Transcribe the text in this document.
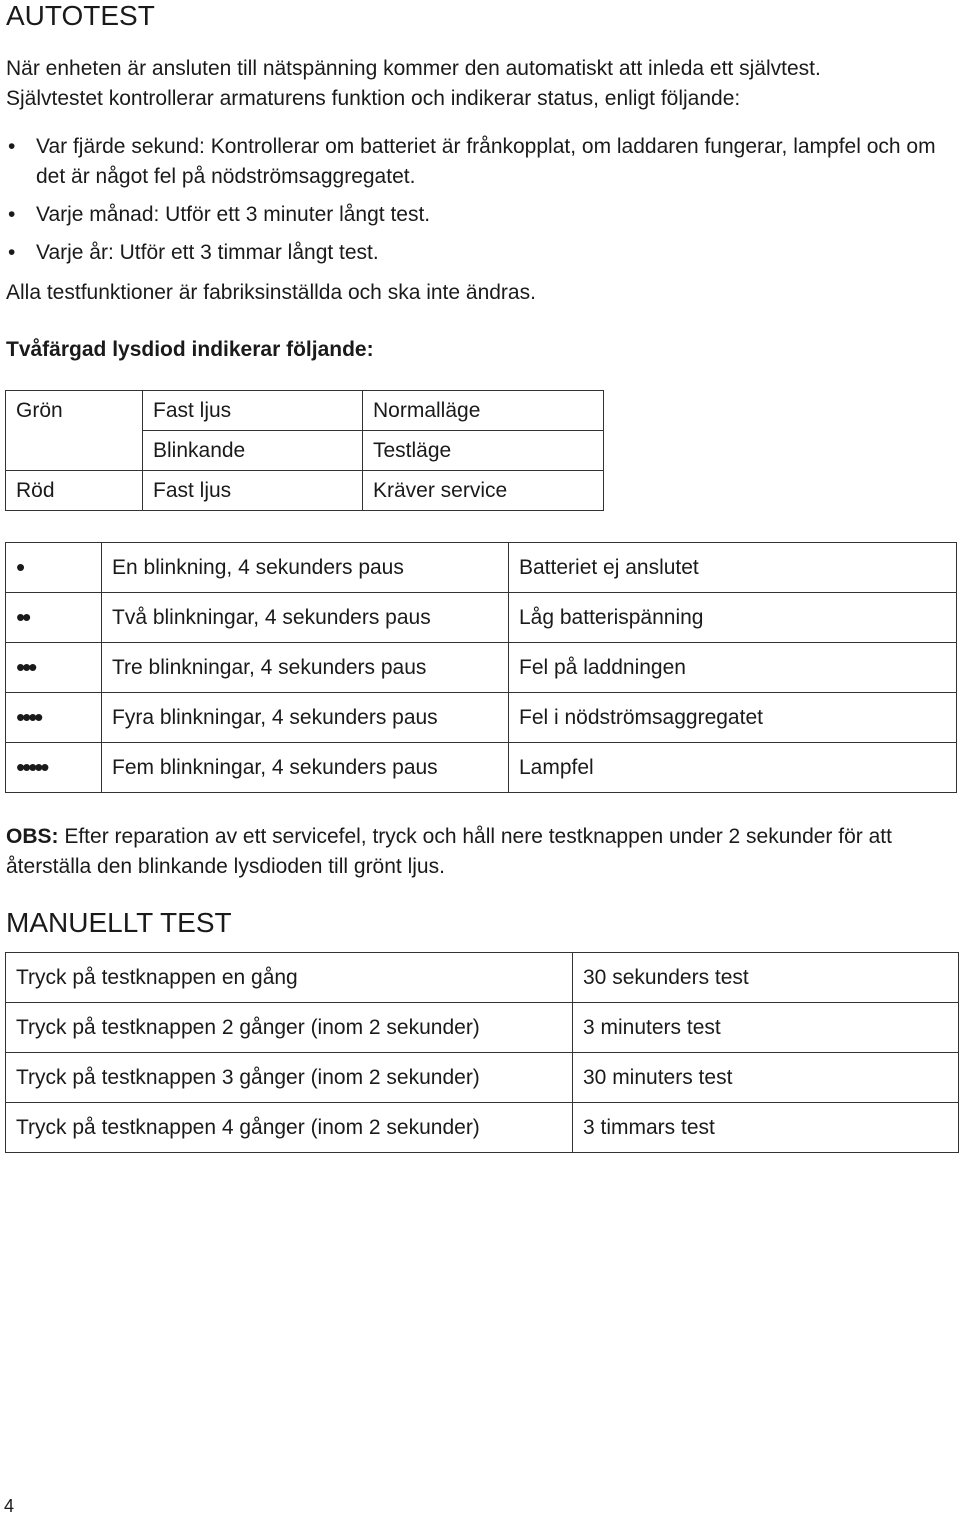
AUTOTEST

När enheten är ansluten till nätspänning kommer den automatiskt att inleda ett självtest.
Självtestet kontrollerar armaturens funktion och indikerar status, enligt följande:

• Var fjärde sekund: Kontrollerar om batteriet är frånkopplat, om laddaren fungerar, lampfel och om det är något fel på nödströmsaggregatet.
• Varje månad: Utför ett 3 minuter långt test.
• Varje år: Utför ett 3 timmar långt test.

Alla testfunktioner är fabriksinställda och ska inte ändras.

Tvåfärgad lysdiod indikerar följande:

Grön	Fast ljus	Normalläge
	Blinkande	Testläge
Röd	Fast ljus	Kräver service
•	En blinkning, 4 sekunders paus	Batteriet ej anslutet
••	Två blinkningar, 4 sekunders paus	Låg batterispänning
•••	Tre blinkningar, 4 sekunders paus	Fel på laddningen
••••	Fyra blinkningar, 4 sekunders paus	Fel i nödströmsaggregatet
•••••	Fem blinkningar, 4 sekunders paus	Lampfel

OBS: Efter reparation av ett servicefel, tryck och håll nere testknappen under 2 sekunder för att återställa den blinkande lysdioden till grönt ljus.

MANUELLT TEST
Tryck på testknappen en gång	30 sekunders test
Tryck på testknappen 2 gånger (inom 2 sekunder)	3 minuters test
Tryck på testknappen 3 gånger (inom 2 sekunder)	30 minuters test
Tryck på testknappen 4 gånger (inom 2 sekunder)	3 timmars test
4
